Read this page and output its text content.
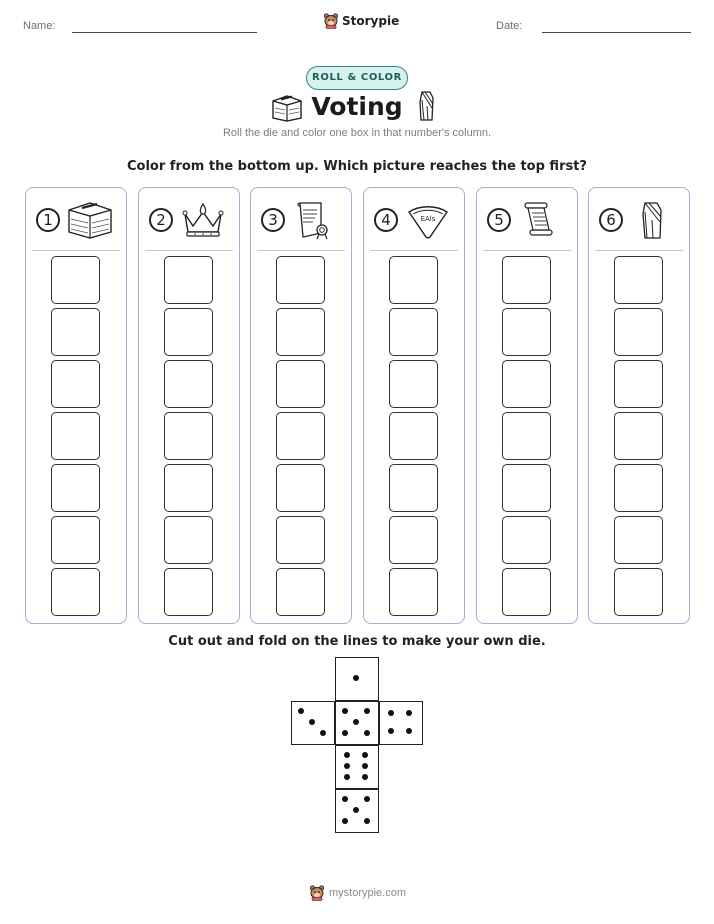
Name:	Storypie	Date:
ROLL & COLOR
Voting
Roll the die and color one box in that number's column.
Color from the bottom up. Which picture reaches the top first?
1	2	3	4	EAls	5	6
Cut out and fold on the lines to make your own die.
mystorypie.com
